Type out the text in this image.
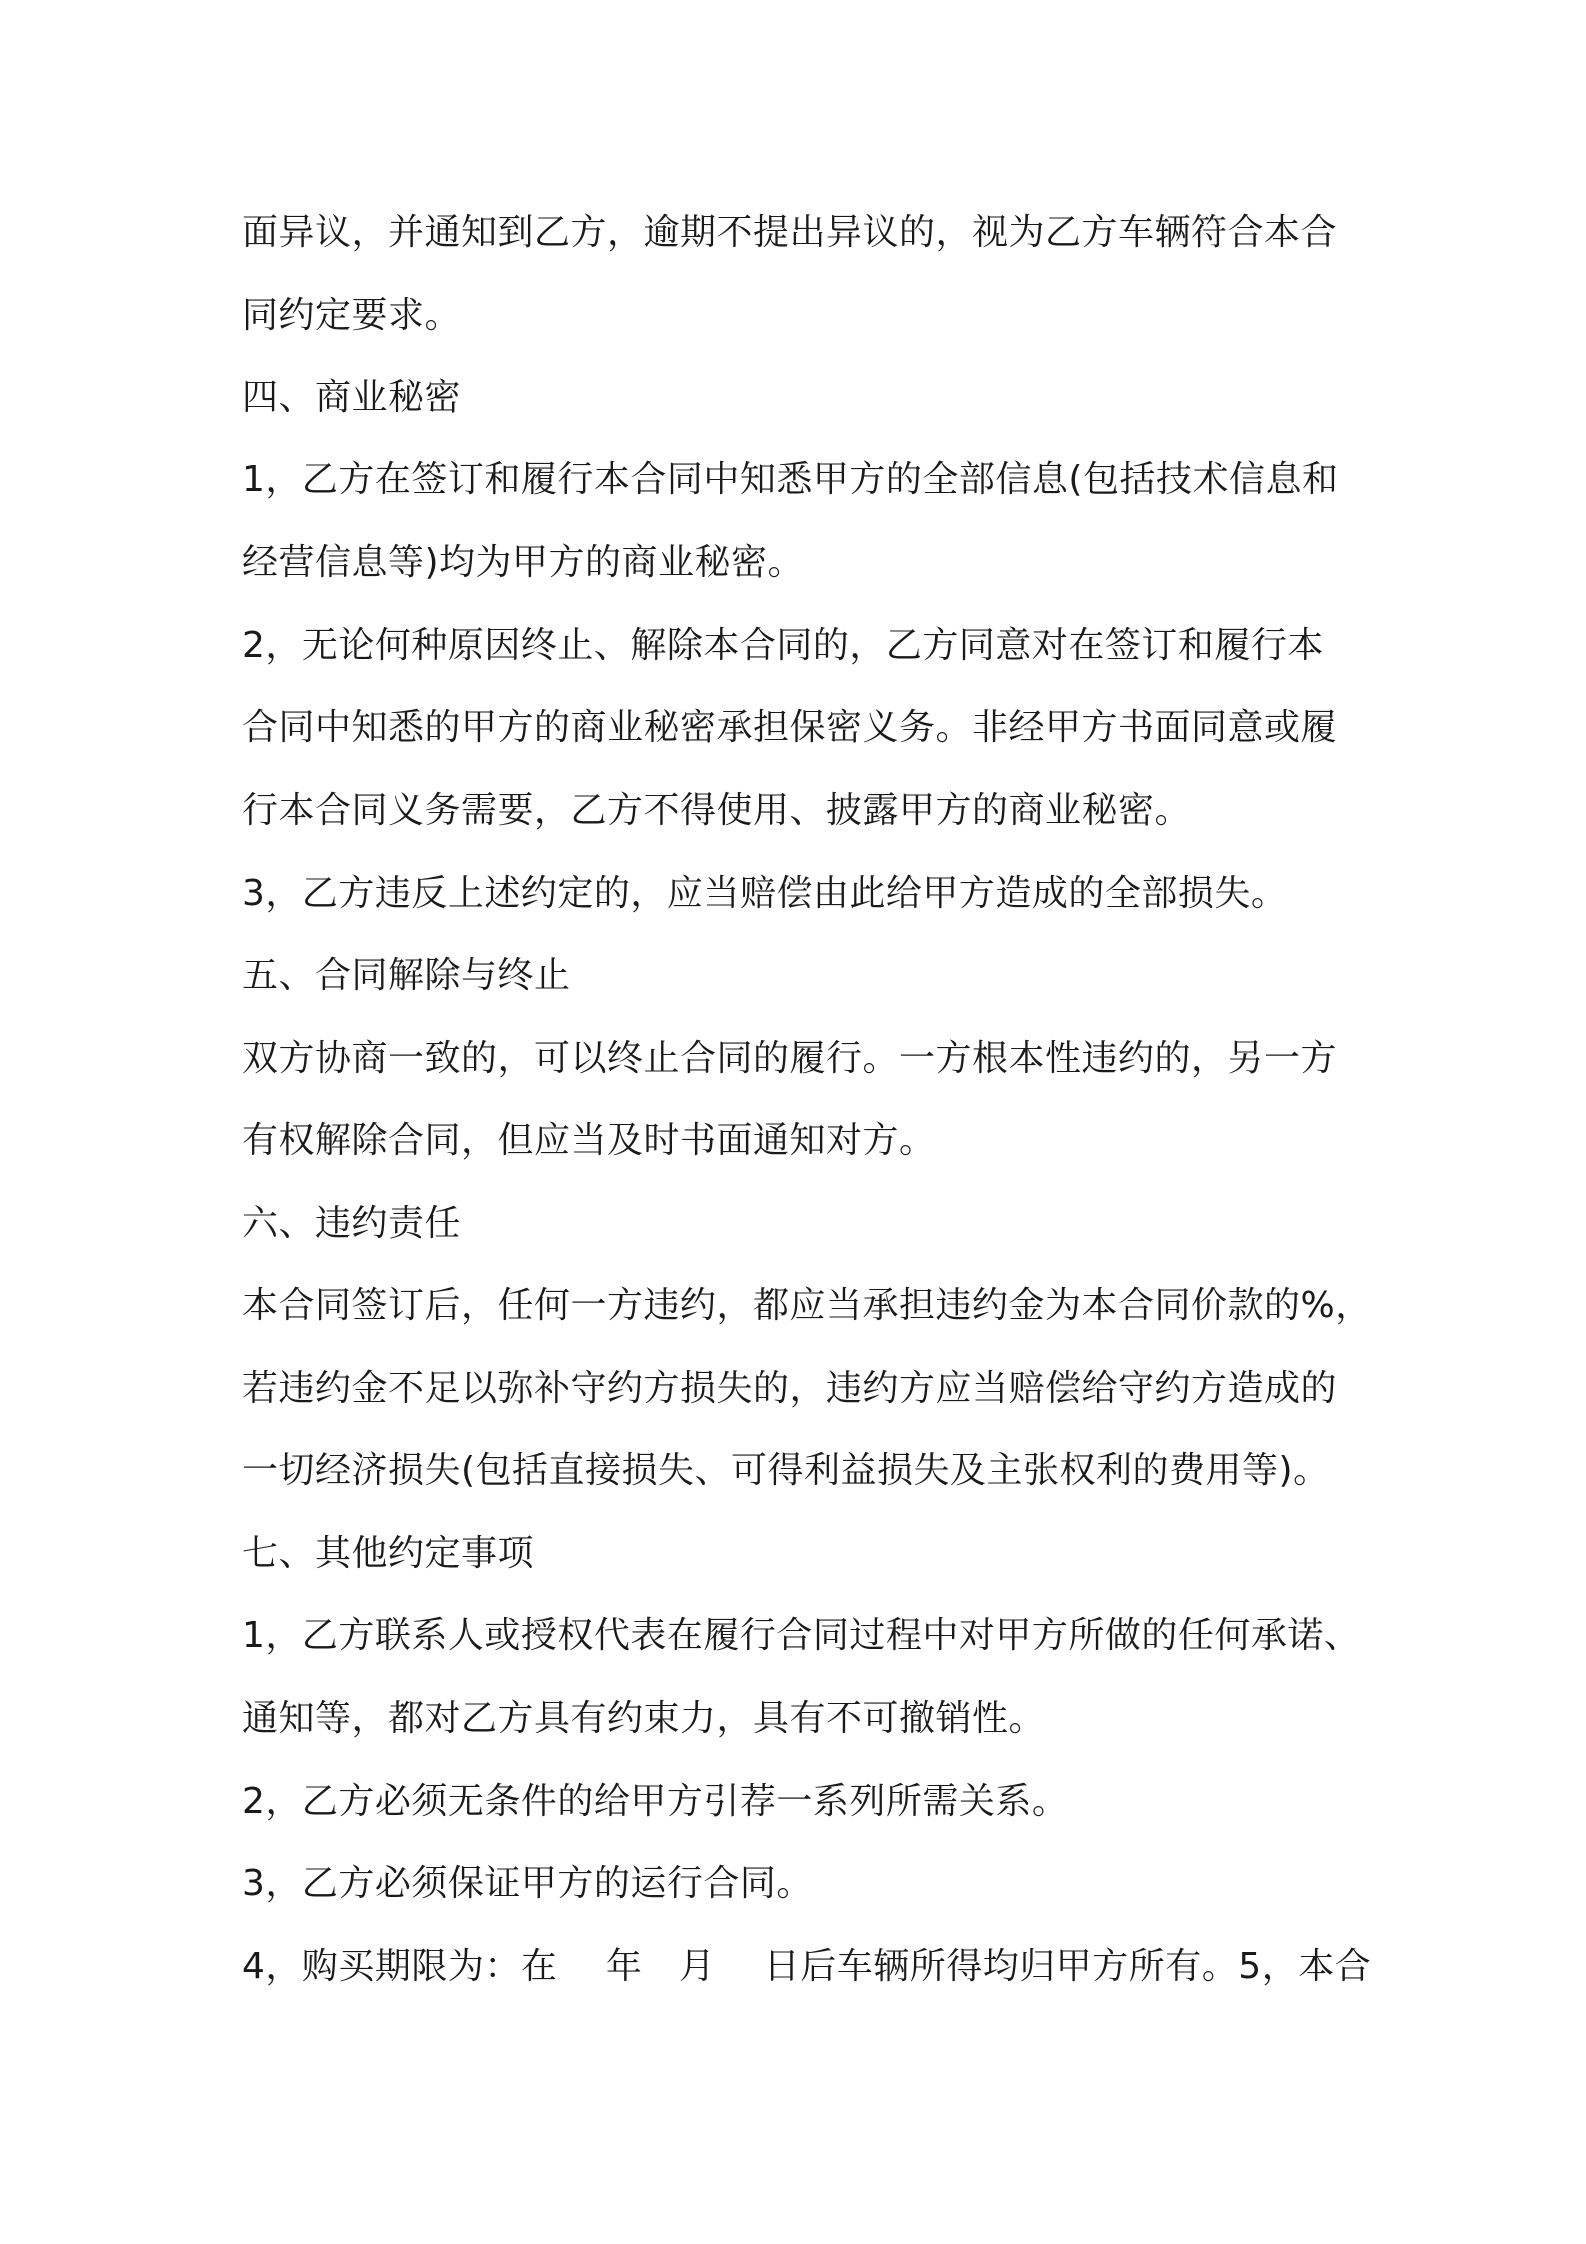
面异议，并通知到乙方，逾期不提出异议的，视为乙方车辆符合本合
同约定要求。
四、商业秘密
1，乙方在签订和履行本合同中知悉甲方的全部信息(包括技术信息和
经营信息等)均为甲方的商业秘密。
2，无论何种原因终止、解除本合同的，乙方同意对在签订和履行本
合同中知悉的甲方的商业秘密承担保密义务。非经甲方书面同意或履
行本合同义务需要，乙方不得使用、披露甲方的商业秘密。
3，乙方违反上述约定的，应当赔偿由此给甲方造成的全部损失。
五、合同解除与终止
双方协商一致的，可以终止合同的履行。一方根本性违约的，另一方
有权解除合同，但应当及时书面通知对方。
六、违约责任
本合同签订后，任何一方违约，都应当承担违约金为本合同价款的%，
若违约金不足以弥补守约方损失的，违约方应当赔偿给守约方造成的
一切经济损失(包括直接损失、可得利益损失及主张权利的费用等)。
七、其他约定事项
1，乙方联系人或授权代表在履行合同过程中对甲方所做的任何承诺、
通知等，都对乙方具有约束力，具有不可撤销性。
2，乙方必须无条件的给甲方引荐一系列所需关系。
3，乙方必须保证甲方的运行合同。
4，购买期限为：在　 年　月　 日后车辆所得均归甲方所有。5，本合
